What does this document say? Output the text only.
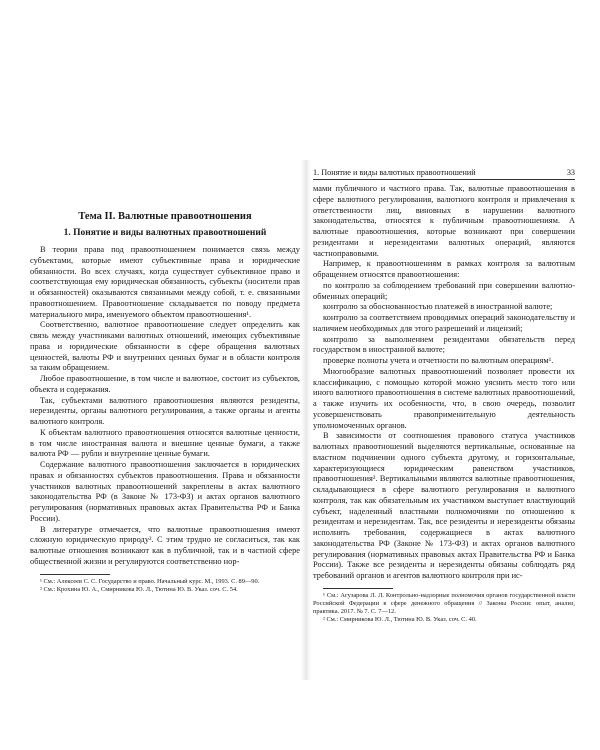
Тема II. Валютные правоотношения
1. Понятие и виды валютных правоотношений

В теории права под правоотношением понимается связь между субъектами, которые имеют субъективные права и юридические обязанности. Во всех случаях, когда существует субъективное право и соответствующая ему юридическая обязанность, субъекты (носители прав и обязанностей) оказываются связанными между собой, т. е. связанными правоотношением. Правоотношение складывается по поводу предмета материального мира, именуемого объектом правоотношения¹.

Соответственно, валютное правоотношение следует определить как связь между участниками валютных отношений, имеющих субъективные права и юридические обязанности в сфере обращения валютных ценностей, валюты РФ и внутренних ценных бумаг и в области контроля за таким обращением.

Любое правоотношение, в том числе и валютное, состоит из субъектов, объекта и содержания.

Так, субъектами валютного правоотношения являются резиденты, нерезиденты, органы валютного регулирования, а также органы и агенты валютного контроля.

К объектам валютного правоотношения относятся валютные ценности, в том числе иностранная валюта и внешние ценные бумаги, а также валюта РФ — рубли и внутренние ценные бумаги.

Содержание валютного правоотношения заключается в юридических правах и обязанностях субъектов правоотношения. Права и обязанности участников валютных правоотношений закреплены в актах валютного законодательства РФ (в Законе № 173-ФЗ) и актах органов валютного регулирования (нормативных правовых актах Правительства РФ и Банка России).

В литературе отмечается, что валютные правоотношения имеют сложную юридическую природу². С этим трудно не согласиться, так как валютные отношения возникают как в публичной, так и в частной сфере общественной жизни и регулируются соответственно нор-

¹ См.: Алексеев С. С. Государство и право. Начальный курс. М., 1993. С. 89—90.
² См.: Крохина Ю. А., Смирникова Ю. Л., Тютина Ю. В. Указ. соч. С. 54.
1. Понятие и виды валютных правоотношений	33

мами публичного и частного права. Так, валютные правоотношения в сфере валютного регулирования, валютного контроля и привлечения к ответственности лиц, виновных в нарушении валютного законодательства, относятся к публичным правоотношениям. А валютные правоотношения, которые возникают при совершении резидентами и нерезидентами валютных операций, являются частноправовыми.

Например, к правоотношениям в рамках контроля за валютным обращением относятся правоотношения:

по контролю за соблюдением требований при совершении валютно-обменных операций;

контролю за обоснованностью платежей в иностранной валюте;

контролю за соответствием проводимых операций законодательству и наличием необходимых для этого разрешений и лицензий;

контролю за выполнением резидентами обязательств перед государством в иностранной валюте;

проверке полноты учета и отчетности по валютным операциям¹.

Многообразие валютных правоотношений позволяет провести их классификацию, с помощью которой можно уяснить место того или иного валютного правоотношения в системе валютных правоотношений, а также изучить их особенности, что, в свою очередь, позволит усовершенствовать правоприменительную деятельность уполномоченных органов.

В зависимости от соотношения правового статуса участников валютных правоотношений выделяются вертикальные, основанные на властном подчинении одного субъекта другому, и горизонтальные, характеризующиеся юридическим равенством участников, правоотношения². Вертикальными являются валютные правоотношения, складывающиеся в сфере валютного регулирования и валютного контроля, так как обязательным их участником выступает властвующий субъект, наделенный властными полномочиями по отношению к резидентам и нерезидентам. Так, все резиденты и нерезиденты обязаны исполнять требования, содержащиеся в актах валютного законодательства РФ (Законе № 173-ФЗ) и актах органов валютного регулирования (нормативных правовых актах Правительства РФ и Банка России). Также все резиденты и нерезиденты обязаны соблюдать ряд требований органов и агентов валютного контроля при ис-

¹ См.: Агузарова Л. Л. Контрольно-надзорные полномочия органов государственной власти Российской Федерации в сфере денежного обращения // Законы России: опыт, анализ, практика. 2017. № 7. С. 7—12.
² См.: Смирникова Ю. Л., Тютина Ю. В. Указ. соч. С. 40.
